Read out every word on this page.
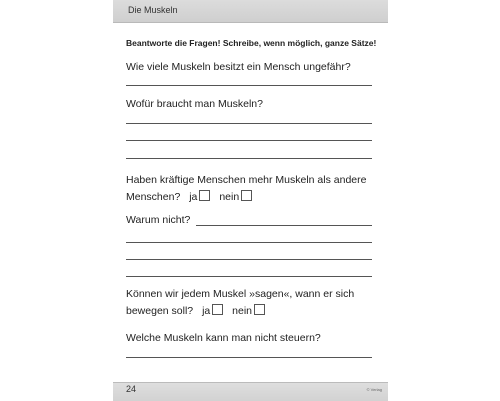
Die Muskeln
Beantworte die Fragen! Schreibe, wenn möglich, ganze Sätze!
Wie viele Muskeln besitzt ein Mensch ungefähr?
Wofür braucht man Muskeln?
Haben kräftige Menschen mehr Muskeln als andere
Menschen? ja nein
Warum nicht?
Können wir jedem Muskel »sagen«, wann er sich
bewegen soll? ja nein
Welche Muskeln kann man nicht steuern?
24	© Verlag
